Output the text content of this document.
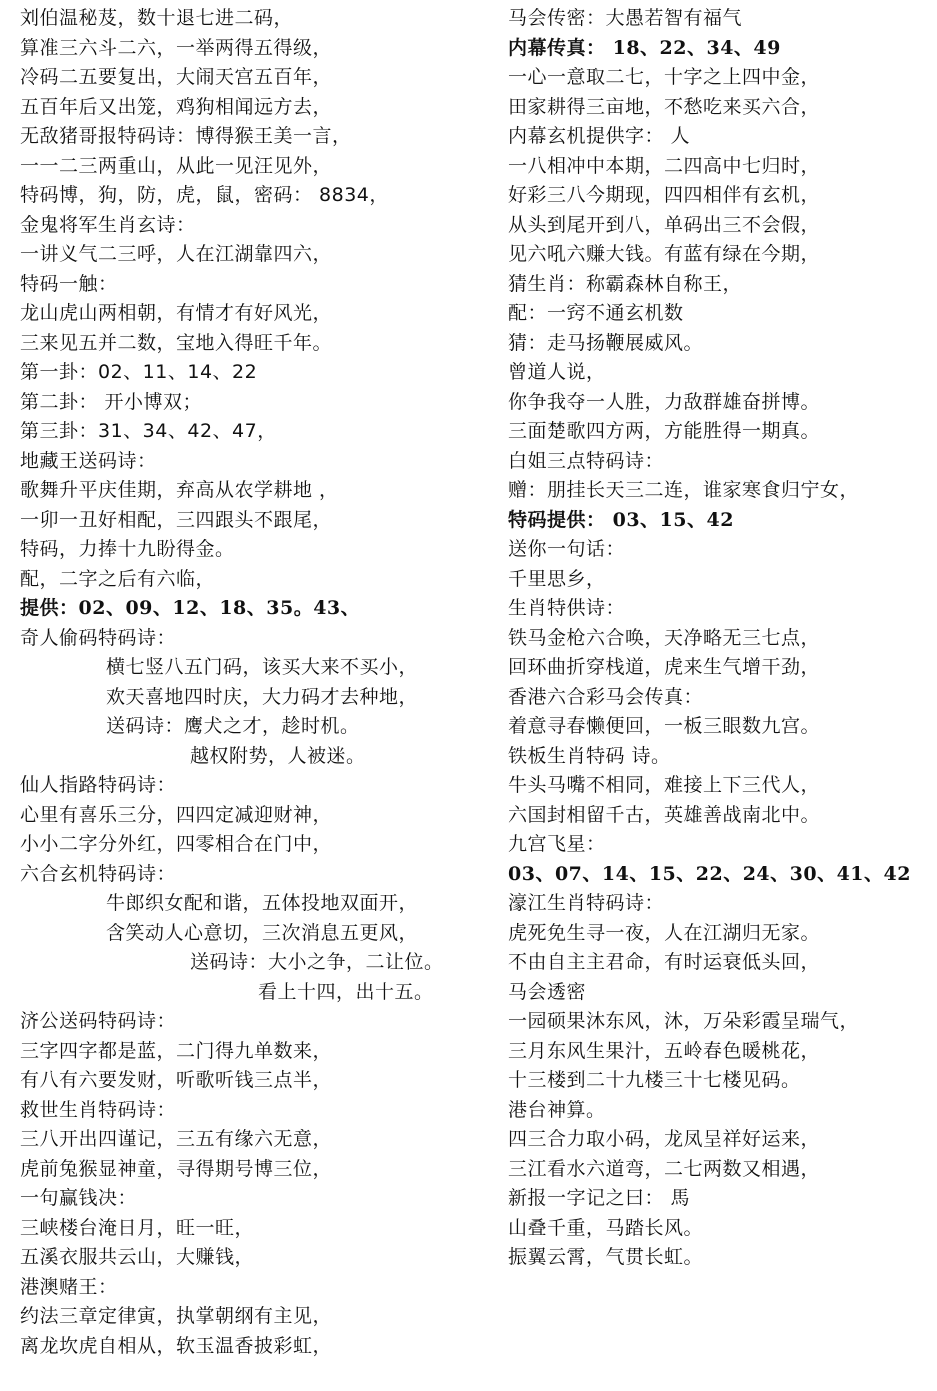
刘伯温秘芨，数十退七进二码，
算准三六斗二六，一举两得五得级，
冷码二五要复出，大闹天宫五百年，
五百年后又出笼，鸡狗相闻远方去，
无敌猪哥报特码诗：博得猴王美一言，
一一二三两重山，从此一见汪见外，
特码博，狗，防，虎，鼠，密码： 8834，
金鬼将军生肖玄诗：
一讲义气二三呼，人在江湖靠四六，
特码一触：
龙山虎山两相朝，有情才有好风光，
三来见五并二数，宝地入得旺千年。
第一卦：02、11、14、22
第二卦： 开小博双；
第三卦：31、34、42、47，
地藏王送码诗：
歌舞升平庆佳期，弃高从农学耕地 ，
一卯一丑好相配，三四跟头不跟尾，
特码，力捧十九盼得金。
配，二字之后有六临，
提供：02、09、12、18、35。43、
奇人偷码特码诗：
横七竖八五门码，该买大来不买小，
欢天喜地四时庆，大力码才去种地，
送码诗：鹰犬之才，趁时机。
越权附势，人被迷。
仙人指路特码诗：
心里有喜乐三分，四四定减迎财神，
小小二字分外红，四零相合在门中，
六合玄机特码诗：
牛郎织女配和谐，五体投地双面开，
含笑动人心意切，三次消息五更风，
送码诗：大小之争，二让位。
看上十四，出十五。
济公送码特码诗：
三字四字都是蓝，二门得九单数来，
有八有六要发财，听歌听钱三点半，
救世生肖特码诗：
三八开出四谨记，三五有缘六无意，
虎前兔猴显神童，寻得期号博三位，
一句赢钱决：
三峡楼台淹日月，旺一旺，
五溪衣服共云山，大赚钱，
港澳赌王：
约法三章定律寅，执掌朝纲有主见，
离龙坎虎自相从，软玉温香披彩虹，
马会传密：大愚若智有福气
内幕传真： 18、22、34、49
一心一意取二七，十字之上四中金，
田家耕得三亩地，不愁吃来买六合，
内幕玄机提供字： 人
一八相冲中本期，二四高中七归时，
好彩三八今期现，四四相伴有玄机，
从头到尾开到八，单码出三不会假，
见六吼六赚大钱。有蓝有绿在今期，
猜生肖：称霸森林自称王，
配：一窍不通玄机数
猜：走马扬鞭展威风。
曾道人说，
你争我夺一人胜，力敌群雄奋拼博。
三面楚歌四方两，方能胜得一期真。
白姐三点特码诗：
赠：朋挂长天三二连，谁家寒食归宁女，
特码提供： 03、15、42
送你一句话：
千里思乡，
生肖特供诗：
铁马金枪六合唤，天净略无三七点，
回环曲折穿栈道，虎来生气增干劲，
香港六合彩马会传真：
着意寻春懒便回，一板三眼数九宫。
铁板生肖特码 诗。
牛头马嘴不相同，难接上下三代人，
六国封相留千古，英雄善战南北中。
九宫飞星：
03、07、14、15、22、24、30、41、42
濠江生肖特码诗：
虎死免生寻一夜，人在江湖归无家。
不由自主主君命，有时运衰低头回，
马会透密
一园硕果沐东风，沐，万朵彩霞呈瑞气，
三月东风生果汁，五岭春色暖桃花，
十三楼到二十九楼三十七楼见码。
港台神算。
四三合力取小码，龙凤呈祥好运来，
三江看水六道弯，二七两数又相遇，
新报一字记之曰： 馬
山叠千重，马踏长风。
振翼云霄，气贯长虹。
